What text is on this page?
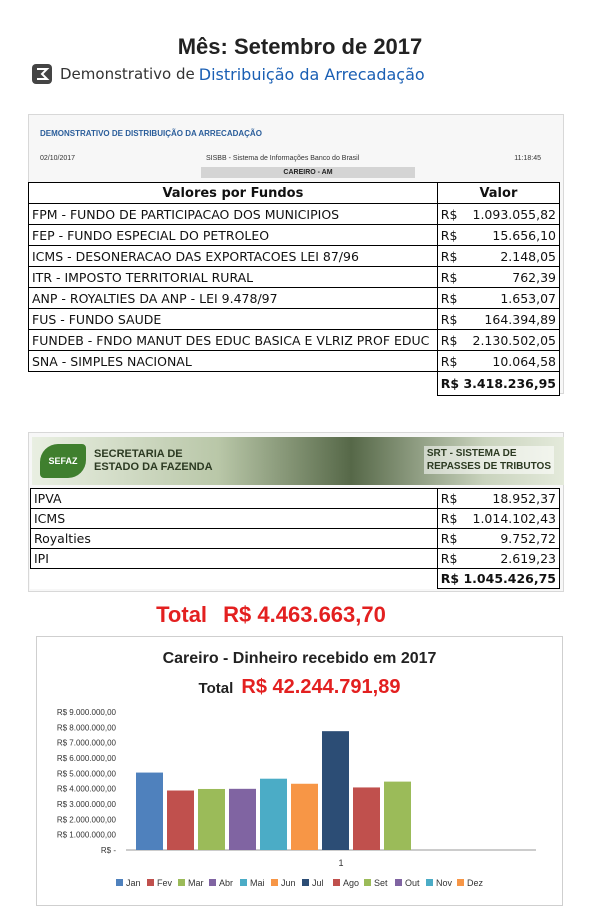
Mês: Setembro de 2017
Demonstrativo de Distribuição da Arrecadação
DEMONSTRATIVO DE DISTRIBUIÇÃO DA ARRECADAÇÃO
02/10/2017	SISBB - Sistema de Informações Banco do Brasil	11:18:45
CAREIRO - AM
Valores por Fundos	Valor
FPM - FUNDO DE PARTICIPACAO DOS MUNICIPIOS	R$ 1.093.055,82

FEP - FUNDO ESPECIAL DO PETROLEO	R$ 15.656,10

ICMS - DESONERACAO DAS EXPORTACOES LEI 87/96	R$ 2.148,05

ITR - IMPOSTO TERRITORIAL RURAL	R$ 762,39

ANP - ROYALTIES DA ANP - LEI 9.478/97	R$ 1.653,07

FUS - FUNDO SAUDE	R$ 164.394,89

FUNDEB - FNDO MANUT DES EDUC BASICA E VLRIZ PROF EDUC	R$ 2.130.502,05

SNA - SIMPLES NACIONAL	R$ 10.064,58

	R$ 3.418.236,95
SEFAZ
SECRETARIA DE
ESTADO DA FAZENDA
SRT - SISTEMA DE
REPASSES DE TRIBUTOS
IPVA	R$ 18.952,37

ICMS	R$ 1.014.102,43

Royalties	R$ 9.752,72

IPI	R$ 2.619,23

	R$ 1.045.426,75
Total R$ 4.463.663,70
Careiro - Dinheiro recebido em 2017
Total R$ 42.244.791,89
R$ -
R$ 1.000.000,00
R$ 2.000.000,00
R$ 3.000.000,00
R$ 4.000.000,00
R$ 5.000.000,00
R$ 6.000.000,00
R$ 7.000.000,00
R$ 8.000.000,00
R$ 9.000.000,00
1
Jan Fev Mar Abr Mai Jun Jul Ago Set Out Nov Dez
